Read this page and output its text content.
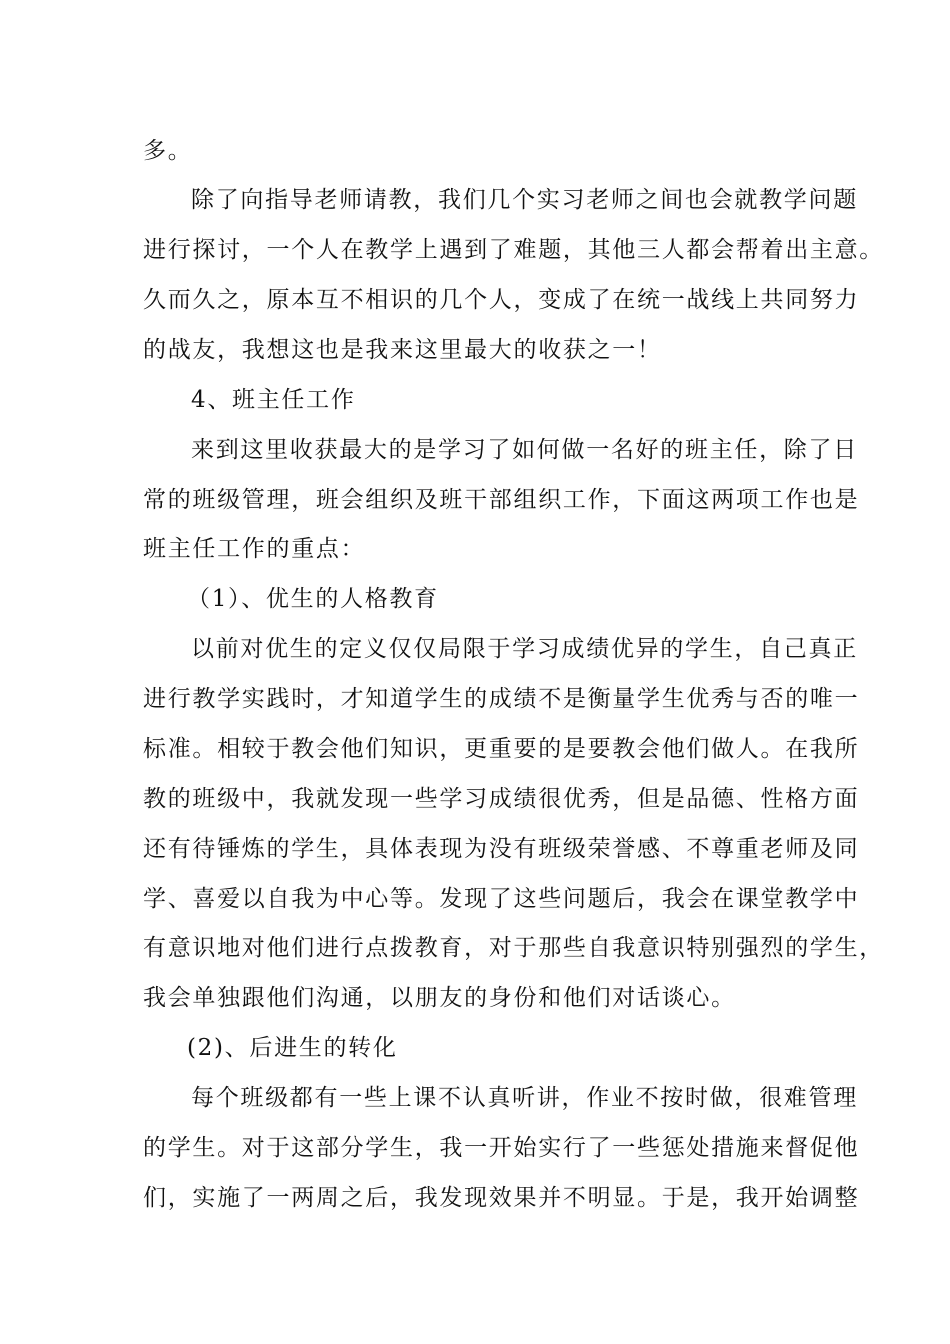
多。
除了向指导老师请教，我们几个实习老师之间也会就教学问题
进行探讨，一个人在教学上遇到了难题，其他三人都会帮着出主意。
久而久之，原本互不相识的几个人，变成了在统一战线上共同努力
的战友，我想这也是我来这里最大的收获之一！
4、班主任工作
来到这里收获最大的是学习了如何做一名好的班主任，除了日
常的班级管理，班会组织及班干部组织工作，下面这两项工作也是
班主任工作的重点：
（1）、优生的人格教育
以前对优生的定义仅仅局限于学习成绩优异的学生，自己真正
进行教学实践时，才知道学生的成绩不是衡量学生优秀与否的唯一
标准。相较于教会他们知识，更重要的是要教会他们做人。在我所
教的班级中，我就发现一些学习成绩很优秀，但是品德、性格方面
还有待锤炼的学生，具体表现为没有班级荣誉感、不尊重老师及同
学、喜爱以自我为中心等。发现了这些问题后，我会在课堂教学中
有意识地对他们进行点拨教育，对于那些自我意识特别强烈的学生，
我会单独跟他们沟通，以朋友的身份和他们对话谈心。
(2)、后进生的转化
每个班级都有一些上课不认真听讲，作业不按时做，很难管理
的学生。对于这部分学生，我一开始实行了一些惩处措施来督促他
们，实施了一两周之后，我发现效果并不明显。于是，我开始调整
